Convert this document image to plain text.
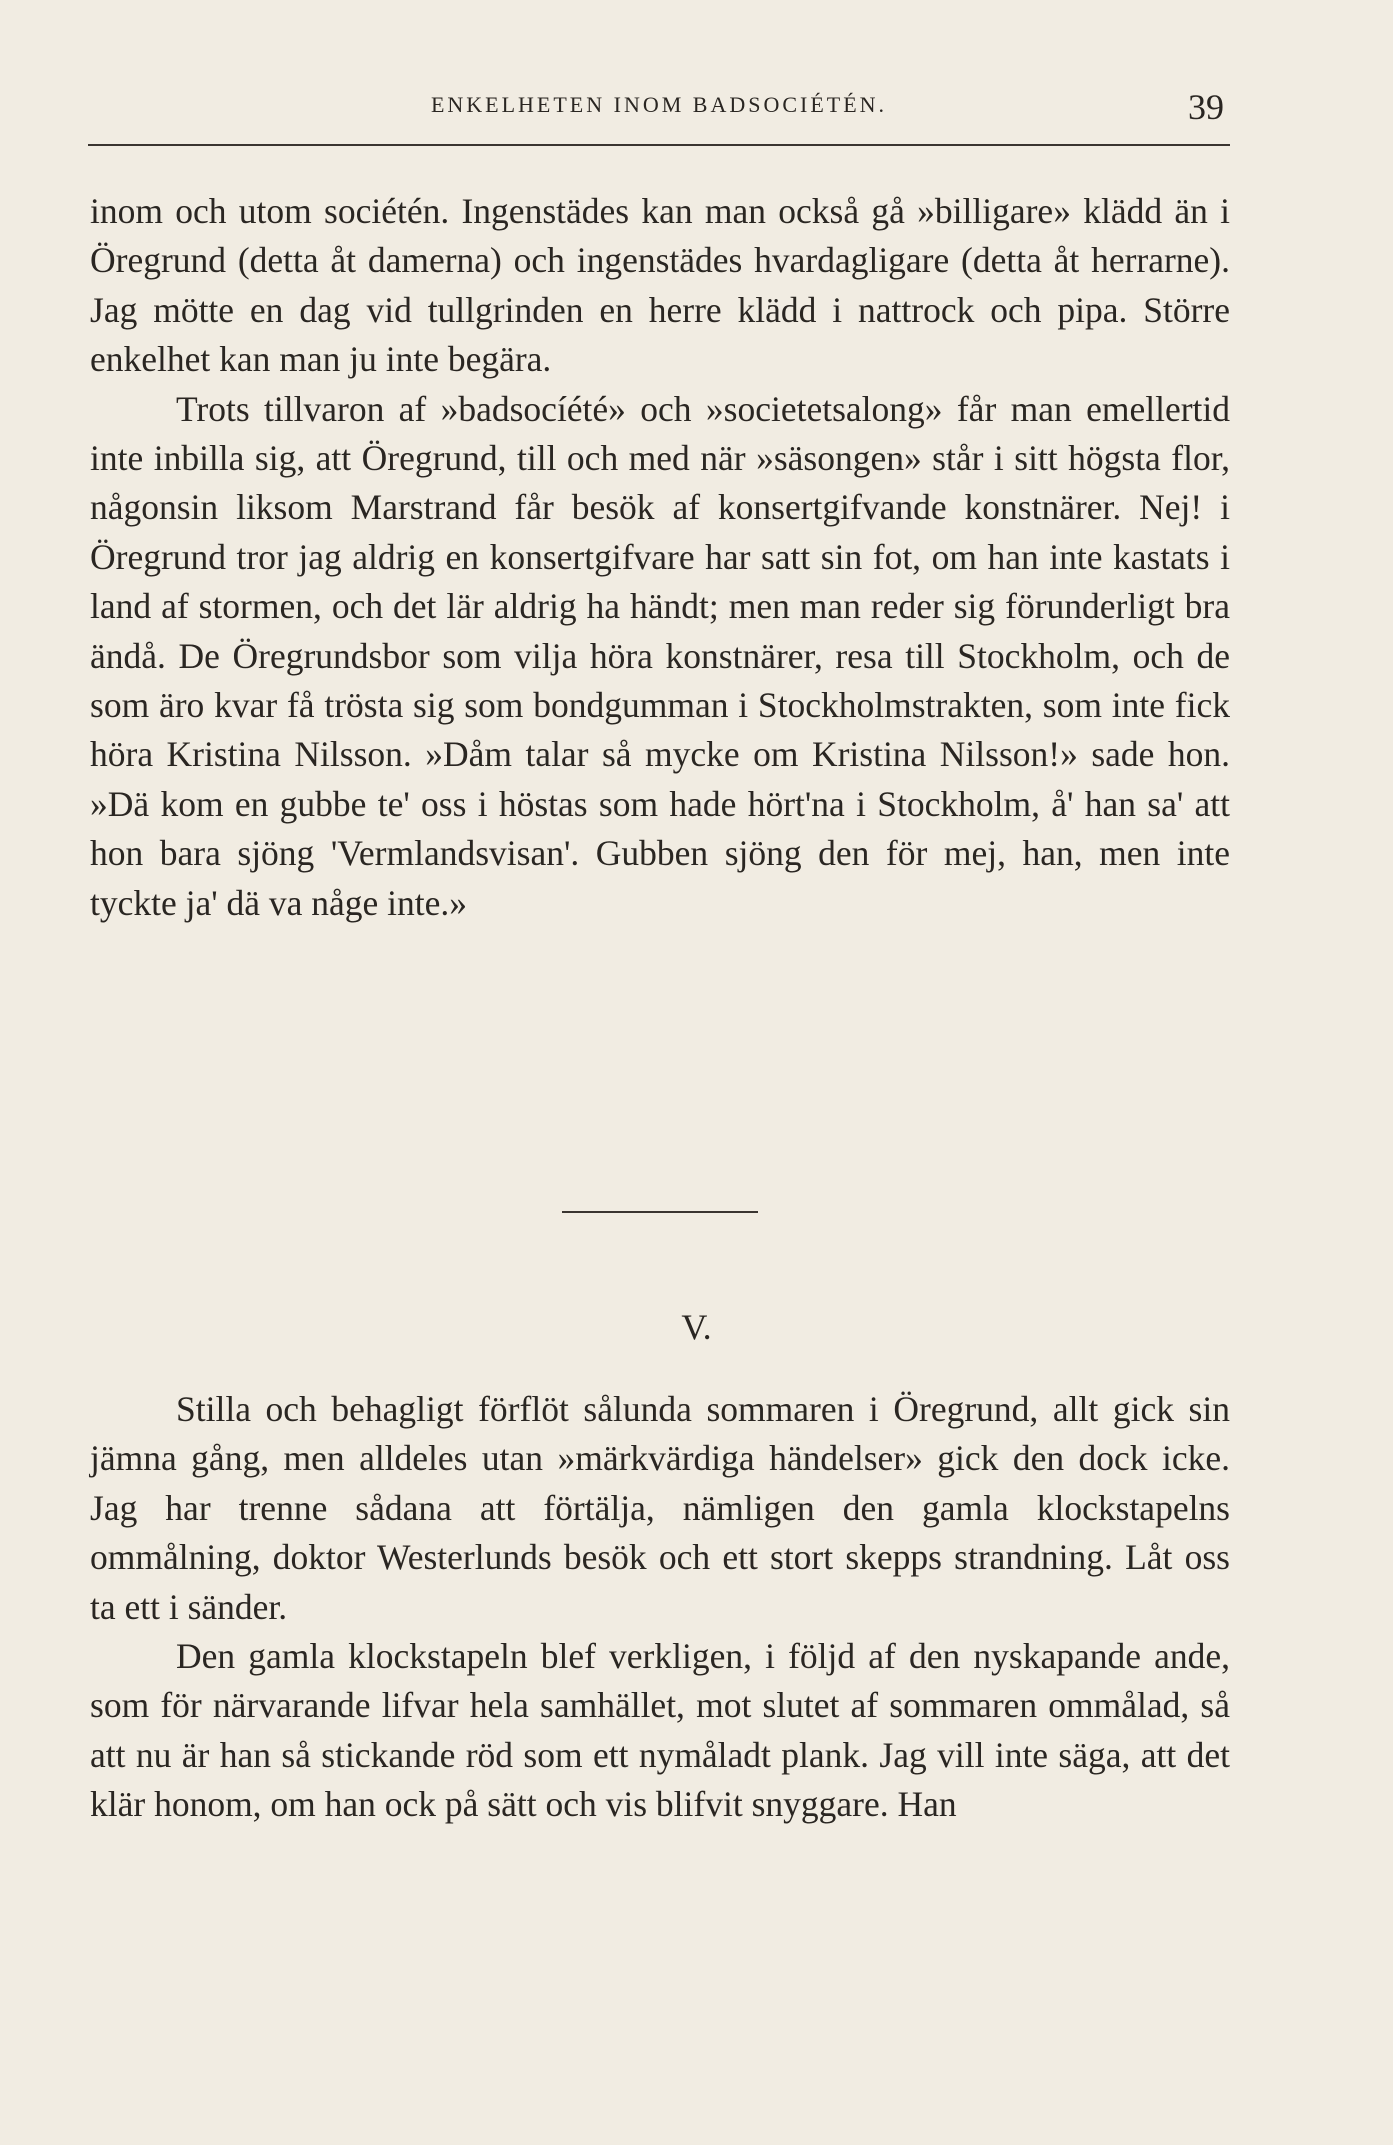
ENKELHETEN INOM BADSOCIÉTÉN.	39

inom och utom sociétén. Ingenstädes kan man också gå »billigare» klädd än i Öregrund (detta åt damerna) och ingenstädes hvardagligare (detta åt herrarne). Jag mötte en dag vid tullgrinden en herre klädd i nattrock och pipa. Större enkelhet kan man ju inte begära.

Trots tillvaron af »badsocíété» och »societetsalong» får man emellertid inte inbilla sig, att Öregrund, till och med när »säsongen» står i sitt högsta flor, någonsin liksom Marstrand får besök af konsertgifvande konstnärer. Nej! i Öregrund tror jag aldrig en konsertgifvare har satt sin fot, om han inte kastats i land af stormen, och det lär aldrig ha händt; men man reder sig förunderligt bra ändå. De Öregrundsbor som vilja höra konstnärer, resa till Stockholm, och de som äro kvar få trösta sig som bondgumman i Stockholmstrakten, som inte fick höra Kristina Nilsson. »Dåm talar så mycke om Kristina Nilsson!» sade hon. »Dä kom en gubbe te' oss i höstas som hade hört'na i Stockholm, å' han sa' att hon bara sjöng 'Vermlandsvisan'. Gubben sjöng den för mej, han, men inte tyckte ja' dä va någe inte.»

V.

Stilla och behagligt förflöt sålunda sommaren i Öregrund, allt gick sin jämna gång, men alldeles utan »märkvärdiga händelser» gick den dock icke. Jag har trenne sådana att förtälja, nämligen den gamla klockstapelns ommålning, doktor Westerlunds besök och ett stort skepps strandning. Låt oss ta ett i sänder.

Den gamla klockstapeln blef verkligen, i följd af den nyskapande ande, som för närvarande lifvar hela samhället, mot slutet af sommaren ommålad, så att nu är han så stickande röd som ett nymåladt plank. Jag vill inte säga, att det klär honom, om han ock på sätt och vis blifvit snyggare. Han
